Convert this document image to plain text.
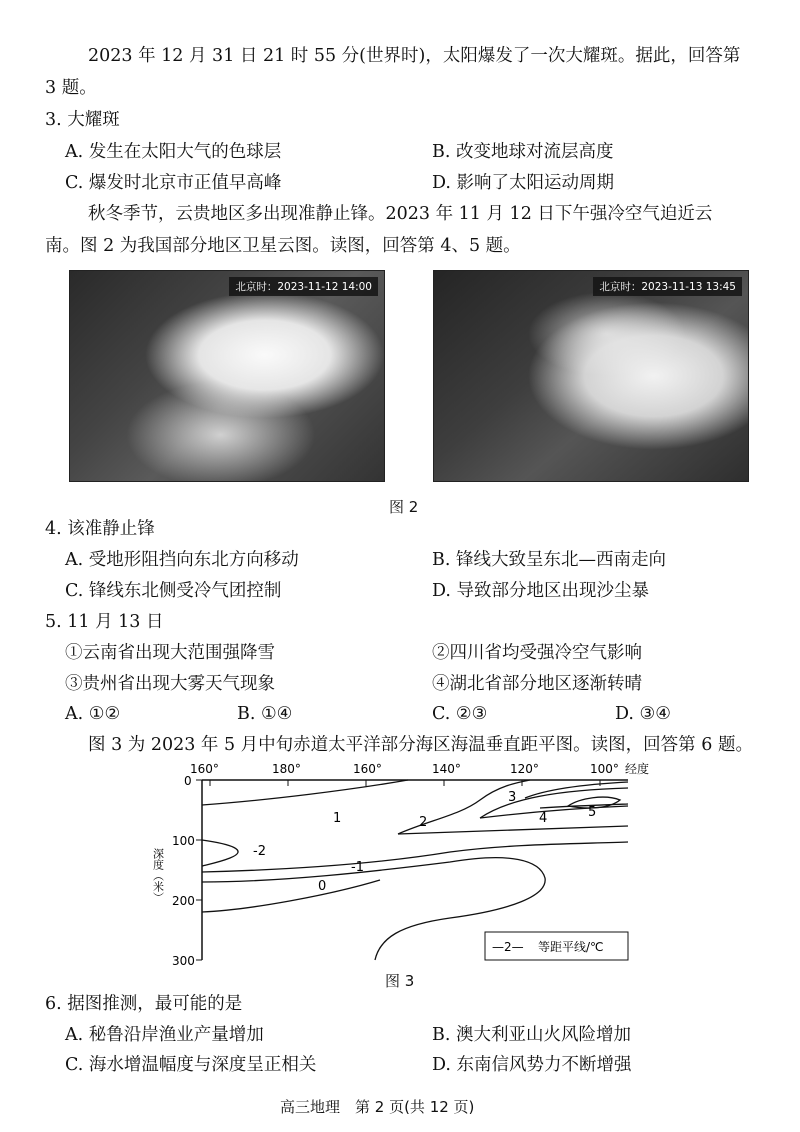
2023 年 12 月 31 日 21 时 55 分(世界时)，太阳爆发了一次大耀斑。据此，回答第
3 题。
3. 大耀斑
A. 发生在太阳大气的色球层	B. 改变地球对流层高度
C. 爆发时北京市正值早高峰	D. 影响了太阳运动周期
秋冬季节，云贵地区多出现准静止锋。2023 年 11 月 12 日下午强冷空气迫近云
南。图 2 为我国部分地区卫星云图。读图，回答第 4、5 题。
北京时：2023-11-12 14:00	北京时：2023-11-13 13:45
图 2
4. 该准静止锋
A. 受地形阻挡向东北方向移动	B. 锋线大致呈东北—西南走向
C. 锋线东北侧受冷气团控制	D. 导致部分地区出现沙尘暴
5. 11 月 13 日
①云南省出现大范围强降雪	②四川省均受强冷空气影响
③贵州省出现大雾天气现象	④湖北省部分地区逐渐转晴
A. ①②	B. ①④	C. ②③	D. ③④
图 3 为 2023 年 5 月中旬赤道太平洋部分海区海温垂直距平图。读图，回答第 6 题。
160°	180°	160°	140°	120°	100° 经度
0
100
200
300
深度（米）
1	2
3
4	5
-2
-1
0
—2— 等距平线/℃
图 3
6. 据图推测，最可能的是
A. 秘鲁沿岸渔业产量增加	B. 澳大利亚山火风险增加
C. 海水增温幅度与深度呈正相关	D. 东南信风势力不断增强
高三地理　第 2 页(共 12 页)
